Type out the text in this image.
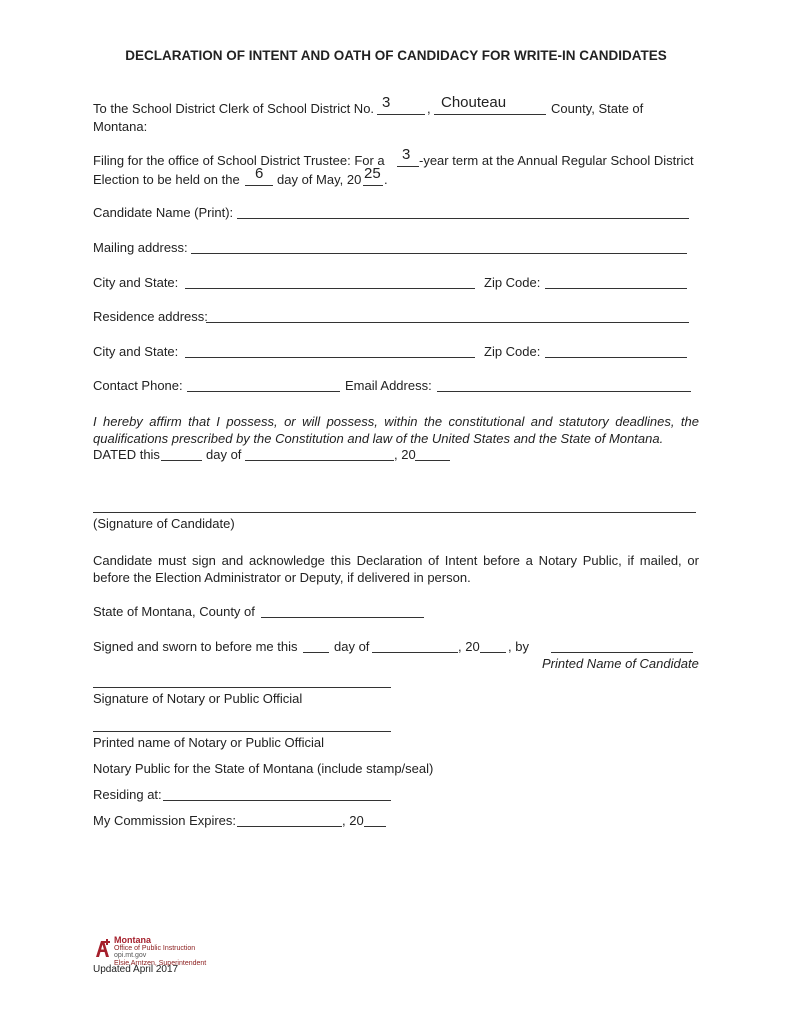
DECLARATION OF INTENT AND OATH OF CANDIDACY FOR WRITE-IN CANDIDATES
To the School District Clerk of School District No. 3	, Chouteau	County, State of
Montana:
Filing for the office of School District Trustee: For a 3 -year term at the Annual Regular School District
Election to be held on the 6 day of May, 20 25 .
Candidate Name (Print):
Mailing address:
City and State:	Zip Code:
Residence address:
City and State:	Zip Code:
Contact Phone:	Email Address:
I hereby affirm that I possess, or will possess, within the constitutional and statutory deadlines, the qualifications prescribed by the Constitution and law of the United States and the State of Montana.
DATED this	day of	, 20
(Signature of Candidate)
Candidate must sign and acknowledge this Declaration of Intent before a Notary Public, if mailed, or before the Election Administrator or Deputy, if delivered in person.
State of Montana, County of
Signed and sworn to before me this	day of	, 20 , by
Printed Name of Candidate
Signature of Notary or Public Official
Printed name of Notary or Public Official
Notary Public for the State of Montana (include stamp/seal)
Residing at:
My Commission Expires:	, 20
Montana
Office of Public Instruction
opi.mt.gov
Elsie Arntzen, Superintendent
Updated April 2017
